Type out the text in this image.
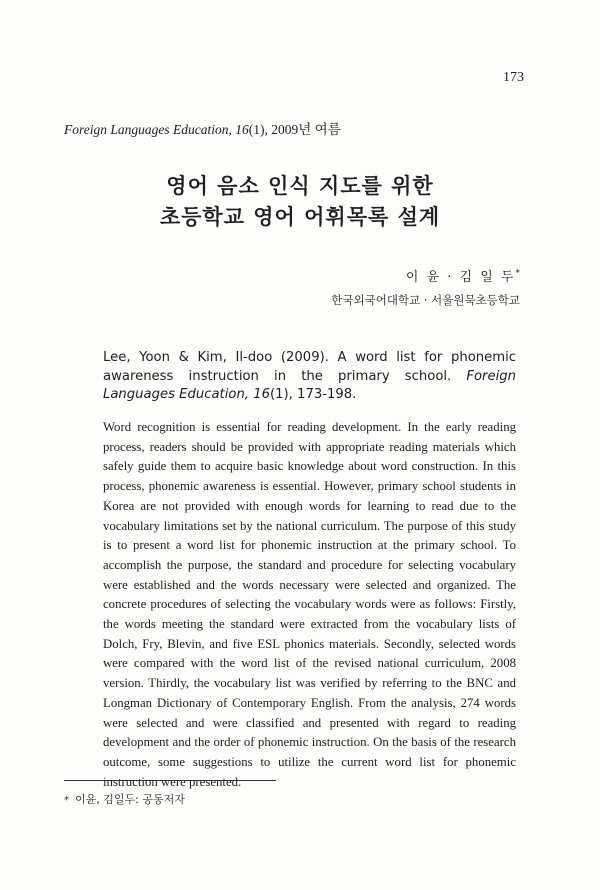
173
Foreign Languages Education, 16(1), 2009년 여름
영어 음소 인식 지도를 위한
초등학교 영어 어휘목록 설계
이 윤 · 김 일 두*
한국외국어대학교 · 서울원묵초등학교
Lee, Yoon & Kim, Il-doo (2009). A word list for phonemic awareness instruction in the primary school. Foreign Languages Education, 16(1), 173-198.
Word recognition is essential for reading development. In the early reading process, readers should be provided with appropriate reading materials which safely guide them to acquire basic knowledge about word construction. In this process, phonemic awareness is essential. However, primary school students in Korea are not provided with enough words for learning to read due to the vocabulary limitations set by the national curriculum. The purpose of this study is to present a word list for phonemic instruction at the primary school. To accomplish the purpose, the standard and procedure for selecting vocabulary were established and the words necessary were selected and organized. The concrete procedures of selecting the vocabulary words were as follows: Firstly, the words meeting the standard were extracted from the vocabulary lists of Dolch, Fry, Blevin, and five ESL phonics materials. Secondly, selected words were compared with the word list of the revised national curriculum, 2008 version. Thirdly, the vocabulary list was verified by referring to the BNC and Longman Dictionary of Contemporary English. From the analysis, 274 words were selected and were classified and presented with regard to reading development and the order of phonemic instruction. On the basis of the research outcome, some suggestions to utilize the current word list for phonemic instruction were presented.
* 이윤, 김일두: 공동저자
